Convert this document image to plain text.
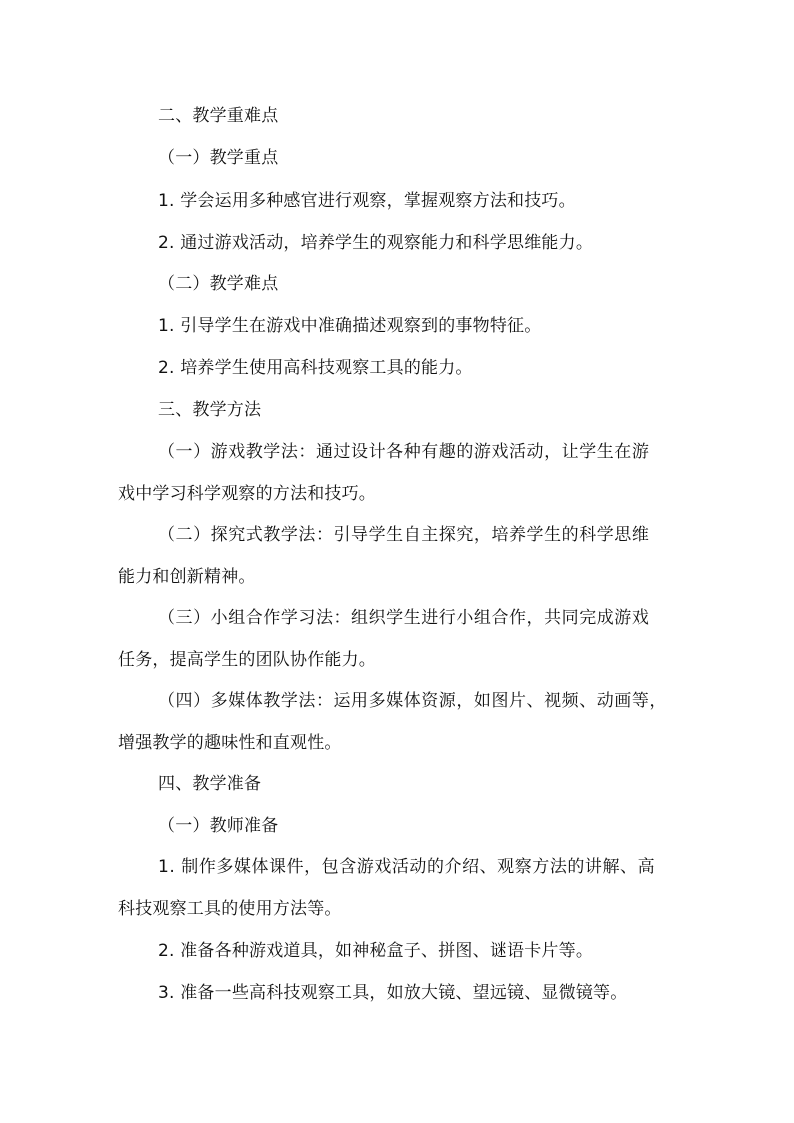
二、教学重难点
（一）教学重点
1. 学会运用多种感官进行观察，掌握观察方法和技巧。
2. 通过游戏活动，培养学生的观察能力和科学思维能力。
（二）教学难点
1. 引导学生在游戏中准确描述观察到的事物特征。
2. 培养学生使用高科技观察工具的能力。
三、教学方法
（一）游戏教学法：通过设计各种有趣的游戏活动，让学生在游
戏中学习科学观察的方法和技巧。
（二）探究式教学法：引导学生自主探究，培养学生的科学思维
能力和创新精神。
（三）小组合作学习法：组织学生进行小组合作，共同完成游戏
任务，提高学生的团队协作能力。
（四）多媒体教学法：运用多媒体资源，如图片、视频、动画等，
增强教学的趣味性和直观性。
四、教学准备
（一）教师准备
1. 制作多媒体课件，包含游戏活动的介绍、观察方法的讲解、高
科技观察工具的使用方法等。
2. 准备各种游戏道具，如神秘盒子、拼图、谜语卡片等。
3. 准备一些高科技观察工具，如放大镜、望远镜、显微镜等。
